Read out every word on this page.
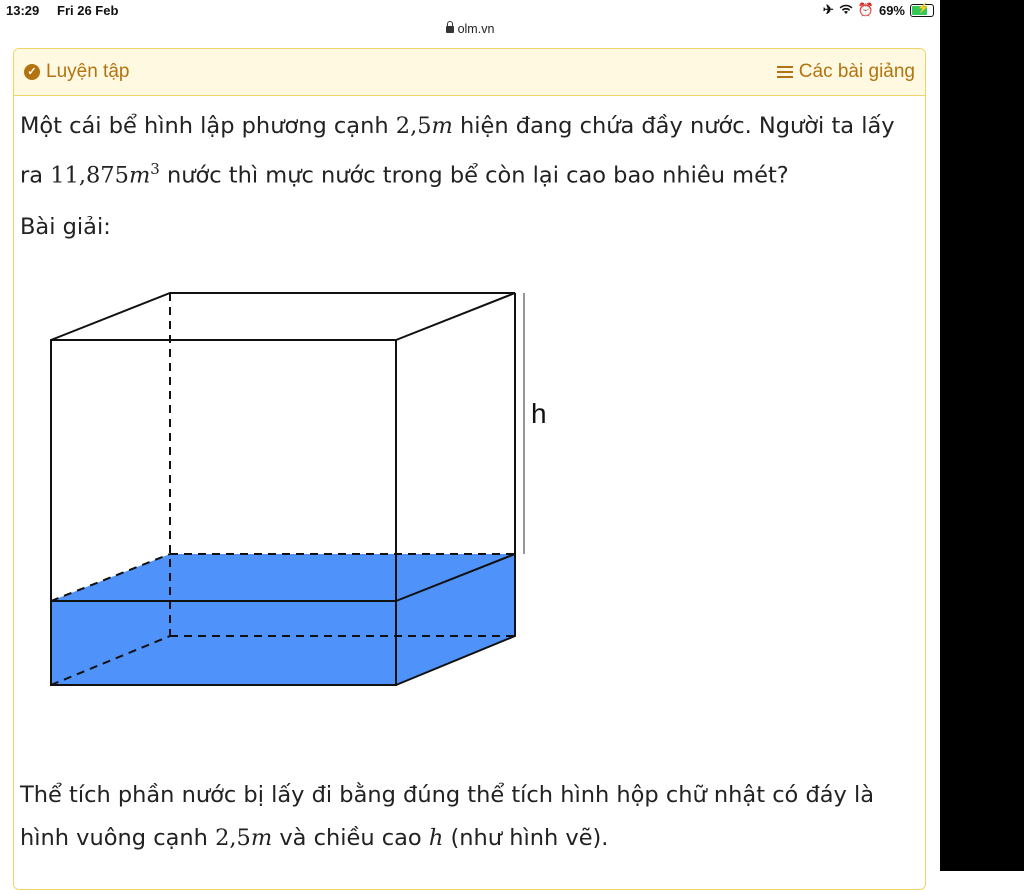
13:29 Fri 26 Feb	✈ ⏰ 69% ⚡
olm.vn
✓ Luyện tập	Các bài giảng
Một cái bể hình lập phương cạnh 2,5m hiện đang chứa đầy nước. Người ta lấy
ra $11,875m^3$ nước thì mực nước trong bể còn lại cao bao nhiêu mét?
Bài giải:
h
Thể tích phần nước bị lấy đi bằng đúng thể tích hình hộp chữ nhật có đáy là
hình vuông cạnh 2,5m và chiều cao h (như hình vẽ).
